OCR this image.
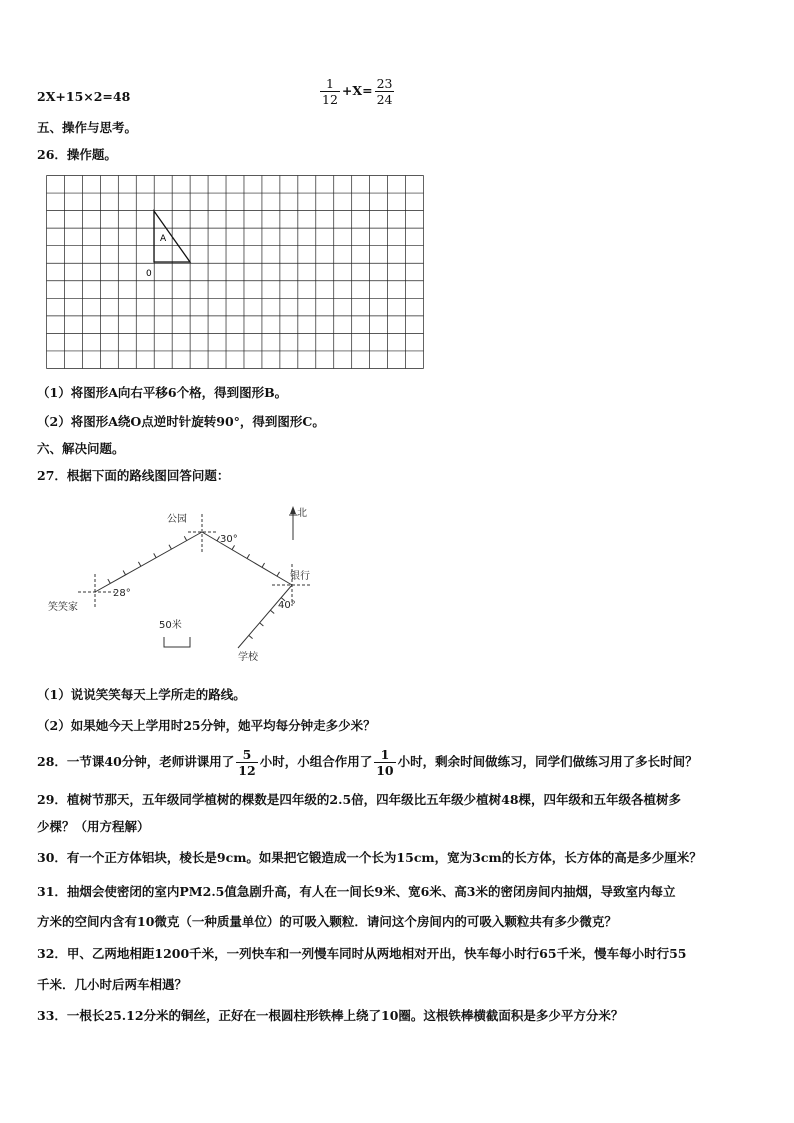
2X+15×2=48	$\frac{1}{12} +X= \frac{23}{24}$
五、操作与思考。
26．操作题。
A
0
（1）将图形A向右平移6个格，得到图形B。
（2）将图形A绕O点逆时针旋转90°，得到图形C。
六、解决问题。
27．根据下面的路线图回答问题：
公园
北
银行
笑笑家
学校
30°
28°
40°
50米
（1）说说笑笑每天上学所走的路线。
（2）如果她今天上学用时25分钟，她平均每分钟走多少米？
28．一节课40分钟，老师讲课用了 $\frac{5}{12}$ 小时，小组合作用了 $\frac{1}{10}$ 小时，剩余时间做练习，同学们做练习用了多长时间？
29．植树节那天，五年级同学植树的棵数是四年级的2.5倍，四年级比五年级少植树48棵，四年级和五年级各植树多
少棵？（用方程解）
30．有一个正方体铝块，棱长是9cm。如果把它锻造成一个长为15cm，宽为3cm的长方体，长方体的高是多少厘米？
31．抽烟会使密闭的室内PM2.5值急剧升高，有人在一间长9米、宽6米、高3米的密闭房间内抽烟，导致室内每立
方米的空间内含有10微克（一种质量单位）的可吸入颗粒．请问这个房间内的可吸入颗粒共有多少微克？
32．甲、乙两地相距1200千米，一列快车和一列慢车同时从两地相对开出，快车每小时行65千米，慢车每小时行55
千米．几小时后两车相遇？
33．一根长25.12分米的铜丝，正好在一根圆柱形铁棒上绕了10圈。这根铁棒横截面积是多少平方分米？
